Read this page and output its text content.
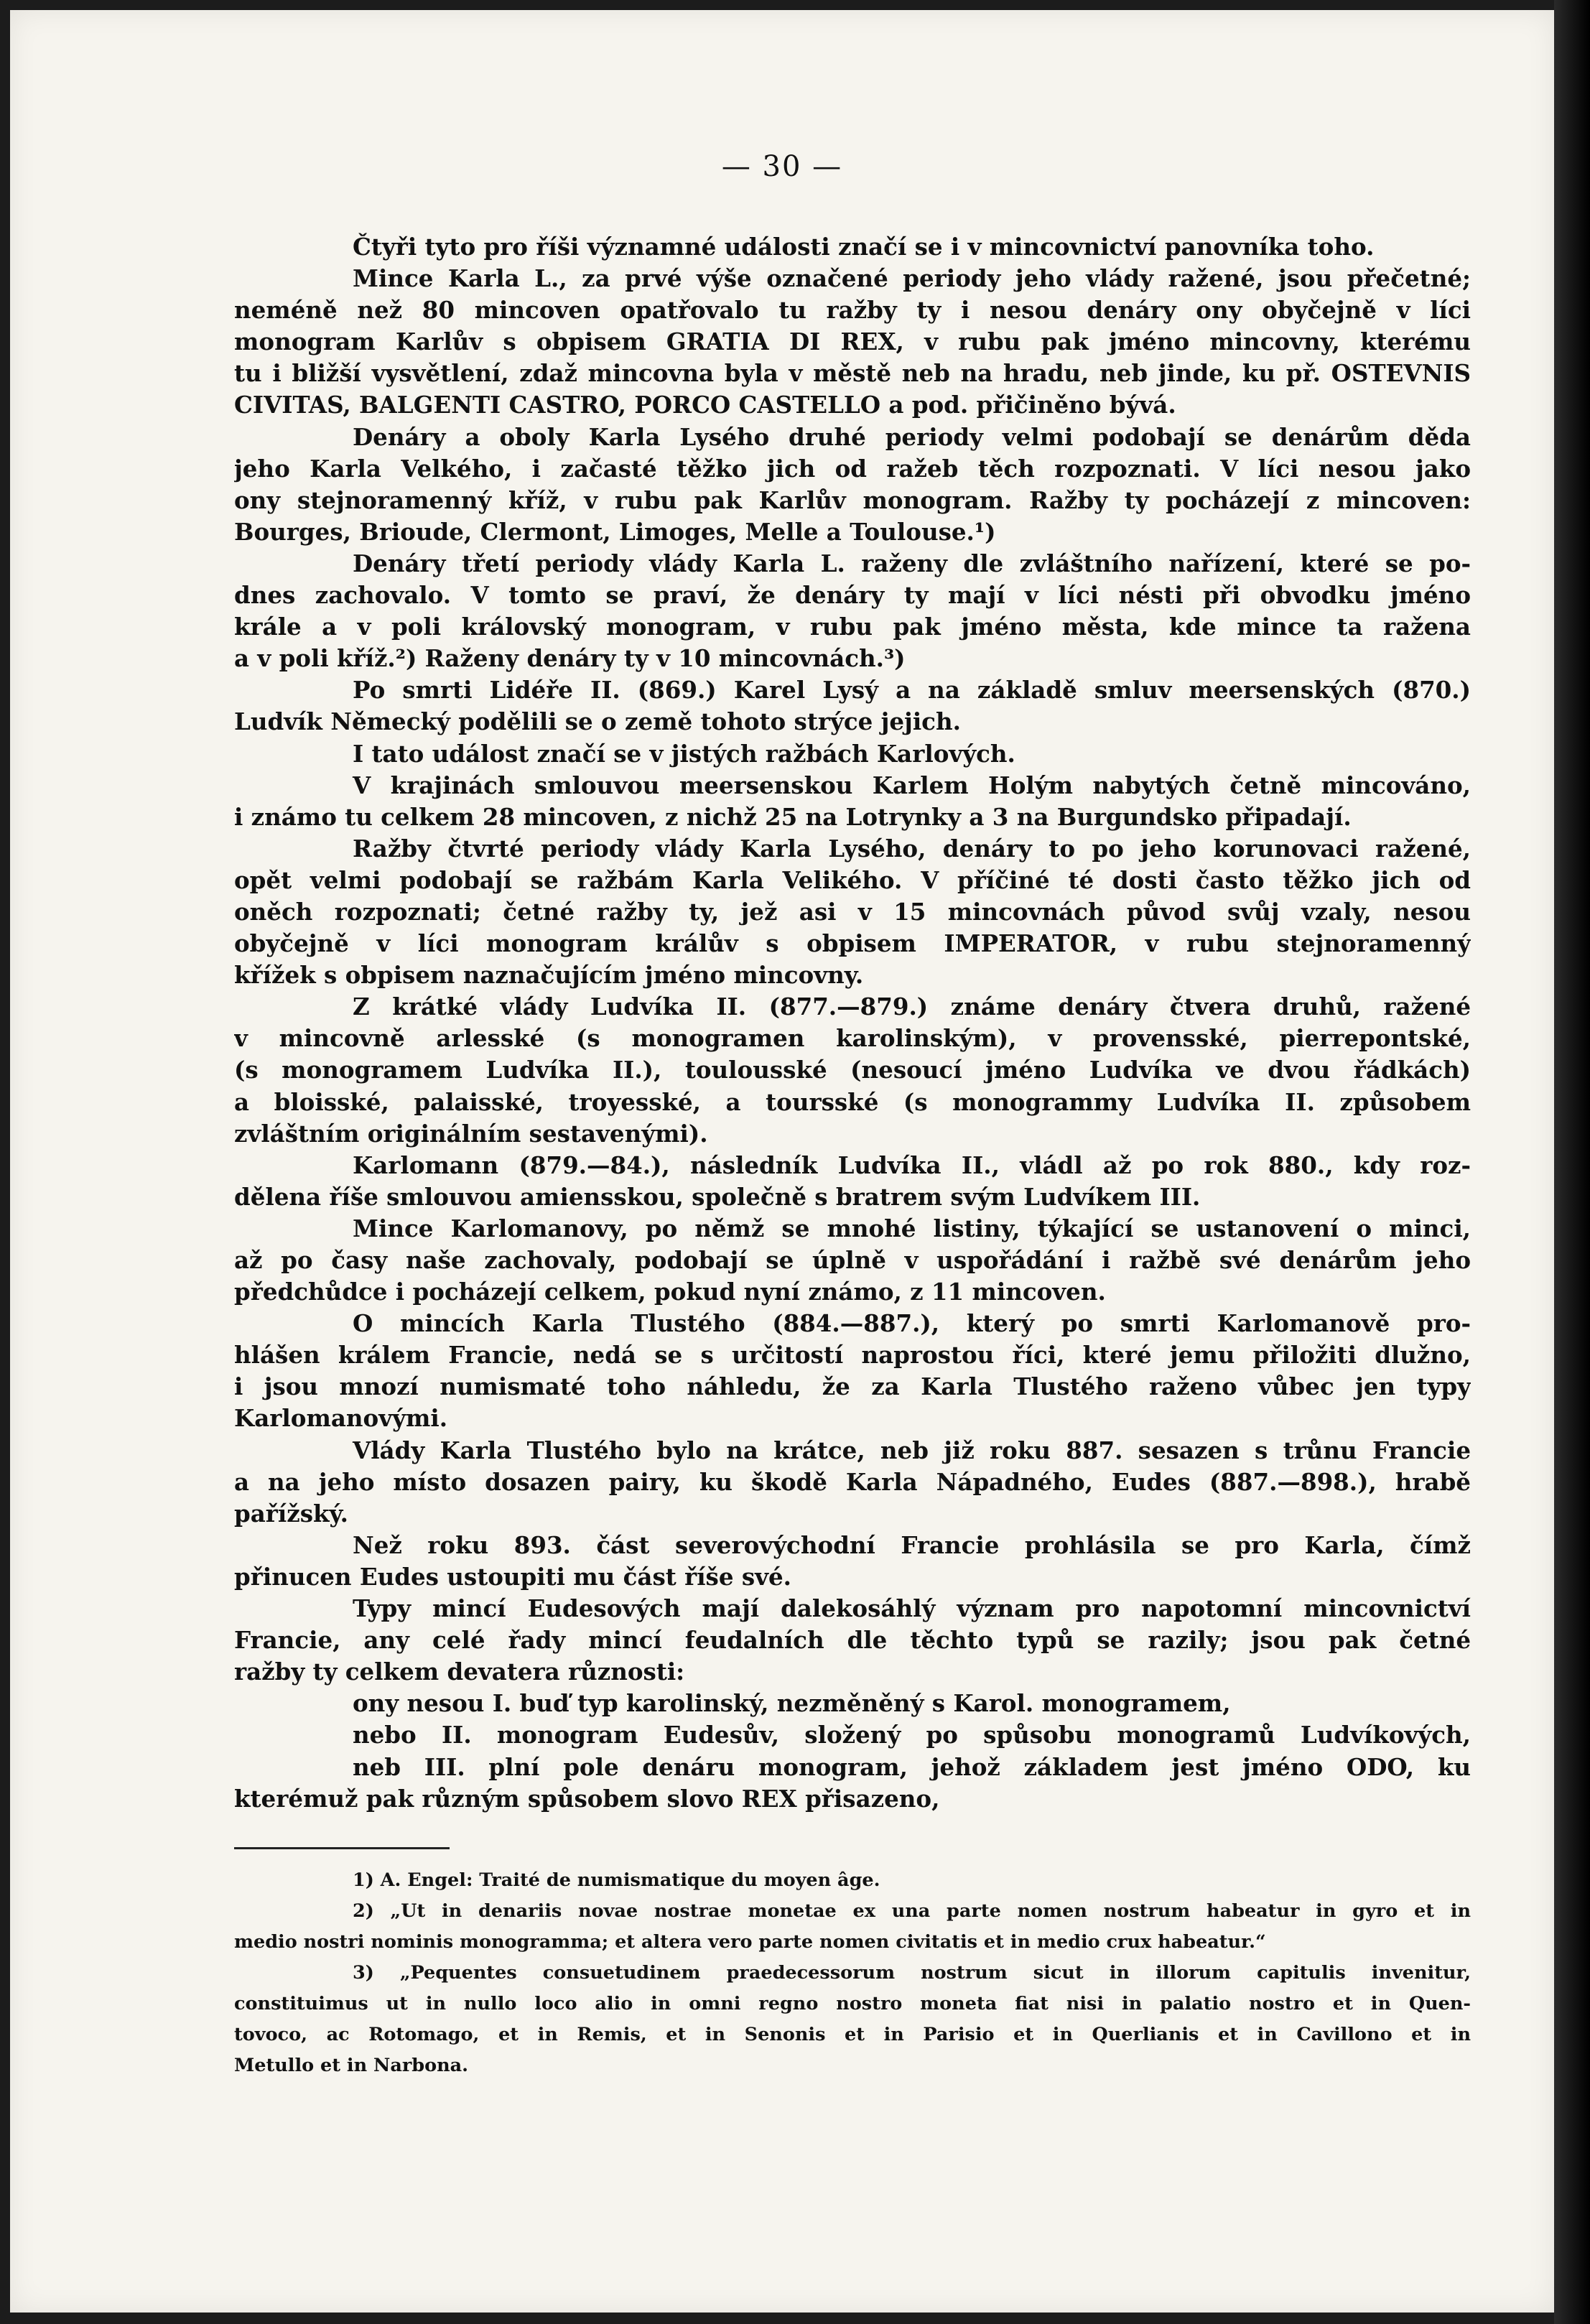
— 30 —
Čtyři tyto pro říši významné události značí se i v mincovnictví panovníka toho.
Mince Karla L., za prvé výše označené periody jeho vlády ražené, jsou přečetné;
neméně než 80 mincoven opatřovalo tu ražby ty i nesou denáry ony obyčejně v líci
monogram Karlův s obpisem GRATIA DI REX, v rubu pak jméno mincovny, kterému
tu i bližší vysvětlení, zdaž mincovna byla v městě neb na hradu, neb jinde, ku př. OSTEVNIS
CIVITAS, BALGENTI CASTRO, PORCO CASTELLO a pod. přičiněno bývá.
Denáry a oboly Karla Lysého druhé periody velmi podobají se denárům děda
jeho Karla Velkého, i začasté těžko jich od ražeb těch rozpoznati. V líci nesou jako
ony stejnoramenný kříž, v rubu pak Karlův monogram. Ražby ty pocházejí z mincoven:
Bourges, Brioude, Clermont, Limoges, Melle a Toulouse.¹)
Denáry třetí periody vlády Karla L. raženy dle zvláštního nařízení, které se po-
dnes zachovalo. V tomto se praví, že denáry ty mají v líci nésti při obvodku jméno
krále a v poli královský monogram, v rubu pak jméno města, kde mince ta ražena
a v poli kříž.²) Raženy denáry ty v 10 mincovnách.³)
Po smrti Lidéře II. (869.) Karel Lysý a na základě smluv meersenských (870.)
Ludvík Německý podělili se o země tohoto strýce jejich.
I tato událost značí se v jistých ražbách Karlových.
V krajinách smlouvou meersenskou Karlem Holým nabytých četně mincováno,
i známo tu celkem 28 mincoven, z nichž 25 na Lotrynky a 3 na Burgundsko připadají.
Ražby čtvrté periody vlády Karla Lysého, denáry to po jeho korunovaci ražené,
opět velmi podobají se ražbám Karla Velikého. V příčiné té dosti často těžko jich od
oněch rozpoznati; četné ražby ty, jež asi v 15 mincovnách původ svůj vzaly, nesou
obyčejně v líci monogram králův s obpisem IMPERATOR, v rubu stejnoramenný
křížek s obpisem naznačujícím jméno mincovny.
Z krátké vlády Ludvíka II. (877.—879.) známe denáry čtvera druhů, ražené
v mincovně arlesské (s monogramen karolinským), v provensské, pierrepontské,
(s monogramem Ludvíka II.), toulousské (nesoucí jméno Ludvíka ve dvou řádkách)
a bloisské, palaisské, troyesské, a toursské (s monogrammy Ludvíka II. způsobem
zvláštním originálním sestavenými).
Karlomann (879.—84.), následník Ludvíka II., vládl až po rok 880., kdy roz-
dělena říše smlouvou amiensskou, společně s bratrem svým Ludvíkem III.
Mince Karlomanovy, po němž se mnohé listiny, týkající se ustanovení o minci,
až po časy naše zachovaly, podobají se úplně v uspořádání i ražbě své denárům jeho
předchůdce i pocházejí celkem, pokud nyní známo, z 11 mincoven.
O mincích Karla Tlustého (884.—887.), který po smrti Karlomanově pro-
hlášen králem Francie, nedá se s určitostí naprostou říci, které jemu přiložiti dlužno,
i jsou mnozí numismaté toho náhledu, že za Karla Tlustého raženo vůbec jen typy
Karlomanovými.
Vlády Karla Tlustého bylo na krátce, neb již roku 887. sesazen s trůnu Francie
a na jeho místo dosazen pairy, ku škodě Karla Nápadného, Eudes (887.—898.), hrabě
pařížský.
Než roku 893. část severovýchodní Francie prohlásila se pro Karla, čímž
přinucen Eudes ustoupiti mu část říše své.
Typy mincí Eudesových mají dalekosáhlý význam pro napotomní mincovnictví
Francie, any celé řady mincí feudalních dle těchto typů se razily; jsou pak četné
ražby ty celkem devatera různosti:
ony nesou I. buď typ karolinský, nezměněný s Karol. monogramem,
nebo II. monogram Eudesův, složený po spůsobu monogramů Ludvíkových,
neb III. plní pole denáru monogram, jehož základem jest jméno ODO, ku
kterémuž pak různým spůsobem slovo REX přisazeno,
1) A. Engel: Traité de numismatique du moyen âge.
2) „Ut in denariis novae nostrae monetae ex una parte nomen nostrum habeatur in gyro et in
medio nostri nominis monogramma; et altera vero parte nomen civitatis et in medio crux habeatur.“
3) „Pequentes consuetudinem praedecessorum nostrum sicut in illorum capitulis invenitur,
constituimus ut in nullo loco alio in omni regno nostro moneta fiat nisi in palatio nostro et in Quen-
tovoco, ac Rotomago, et in Remis, et in Senonis et in Parisio et in Querlianis et in Cavillono et in
Metullo et in Narbona.
